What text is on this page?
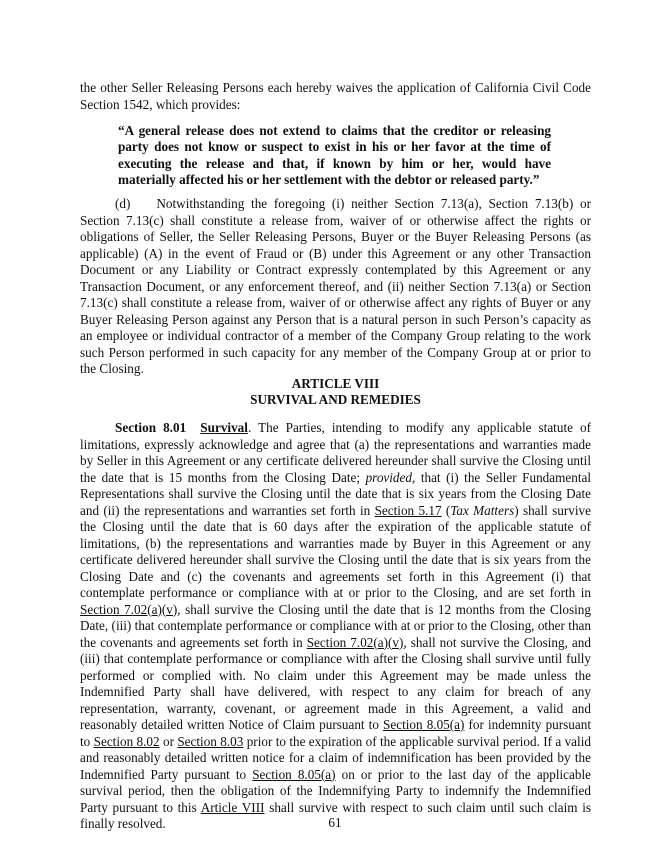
the other Seller Releasing Persons each hereby waives the application of California Civil Code Section 1542, which provides:

“A general release does not extend to claims that the creditor or releasing party does not know or suspect to exist in his or her favor at the time of executing the release and that, if known by him or her, would have materially affected his or her settlement with the debtor or released party.”

(d) Notwithstanding the foregoing (i) neither Section 7.13(a), Section 7.13(b) or Section 7.13(c) shall constitute a release from, waiver of or otherwise affect the rights or obligations of Seller, the Seller Releasing Persons, Buyer or the Buyer Releasing Persons (as applicable) (A) in the event of Fraud or (B) under this Agreement or any other Transaction Document or any Liability or Contract expressly contemplated by this Agreement or any Transaction Document, or any enforcement thereof, and (ii) neither Section 7.13(a) or Section 7.13(c) shall constitute a release from, waiver of or otherwise affect any rights of Buyer or any Buyer Releasing Person against any Person that is a natural person in such Person’s capacity as an employee or individual contractor of a member of the Company Group relating to the work such Person performed in such capacity for any member of the Company Group at or prior to the Closing.

ARTICLE VIII

SURVIVAL AND REMEDIES

Section 8.01 Survival. The Parties, intending to modify any applicable statute of limitations, expressly acknowledge and agree that (a) the representations and warranties made by Seller in this Agreement or any certificate delivered hereunder shall survive the Closing until the date that is 15 months from the Closing Date; provided, that (i) the Seller Fundamental Representations shall survive the Closing until the date that is six years from the Closing Date and (ii) the representations and warranties set forth in Section 5.17 (Tax Matters) shall survive the Closing until the date that is 60 days after the expiration of the applicable statute of limitations, (b) the representations and warranties made by Buyer in this Agreement or any certificate delivered hereunder shall survive the Closing until the date that is six years from the Closing Date and (c) the covenants and agreements set forth in this Agreement (i) that contemplate performance or compliance with at or prior to the Closing, and are set forth in Section 7.02(a)(v), shall survive the Closing until the date that is 12 months from the Closing Date, (iii) that contemplate performance or compliance with at or prior to the Closing, other than the covenants and agreements set forth in Section 7.02(a)(v), shall not survive the Closing, and (iii) that contemplate performance or compliance with after the Closing shall survive until fully performed or complied with. No claim under this Agreement may be made unless the Indemnified Party shall have delivered, with respect to any claim for breach of any representation, warranty, covenant, or agreement made in this Agreement, a valid and reasonably detailed written Notice of Claim pursuant to Section 8.05(a) for indemnity pursuant to Section 8.02 or Section 8.03 prior to the expiration of the applicable survival period. If a valid and reasonably detailed written notice for a claim of indemnification has been provided by the Indemnified Party pursuant to Section 8.05(a) on or prior to the last day of the applicable survival period, then the obligation of the Indemnifying Party to indemnify the Indemnified Party pursuant to this Article VIII shall survive with respect to such claim until such claim is finally resolved.	61
